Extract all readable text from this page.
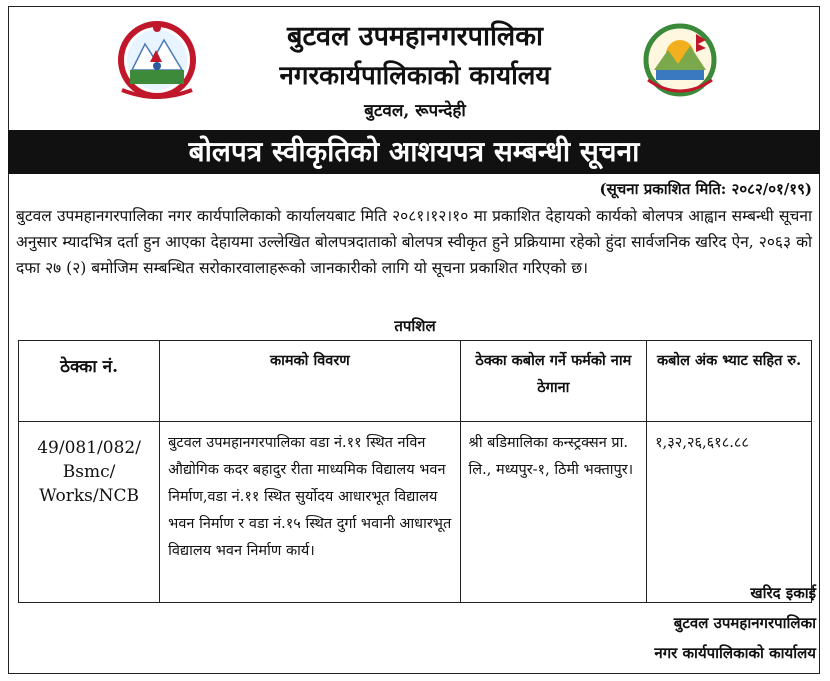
बुटवल उपमहानगरपालिका
नगरकार्यपालिकाको कार्यालय
बुटवल, रूपन्देही
बोलपत्र स्वीकृतिको आशयपत्र सम्बन्धी सूचना
(सूचना प्रकाशित मिति: २०८२/०१/१९)
बुटवल उपमहानगरपालिका नगर कार्यपालिकाको कार्यालयबाट मिति २०८१।१२।१० मा प्रकाशित देहायको कार्यको बोलपत्र आह्वान सम्बन्धी सूचना अनुसार म्यादभित्र दर्ता हुन आएका देहायमा उल्लेखित बोलपत्रदाताको बोलपत्र स्वीकृत हुने प्रक्रियामा रहेको हुंदा सार्वजनिक खरिद ऐन, २०६३ को दफा २७ (२) बमोजिम सम्बन्धित सरोकारवालाहरूको जानकारीको लागि यो सूचना प्रकाशित गरिएको छ।
तपशिल
ठेक्का नं.	कामको विवरण	ठेक्का कबोल गर्ने फर्मको नाम ठेगाना	कबोल अंक भ्याट सहित रु.
49/081/082/ Bsmc/ Works/NCB	बुटवल उपमहानगरपालिका वडा नं.११ स्थित नविन औद्योगिक कदर बहादुर रीता माध्यमिक विद्यालय भवन निर्माण,वडा नं.११ स्थित सुर्योदय आधारभूत विद्यालय भवन निर्माण र वडा नं.१५ स्थित दुर्गा भवानी आधारभूत विद्यालय भवन निर्माण कार्य।	श्री बडिमालिका कन्स्ट्रक्सन प्रा. लि., मध्यपुर-१, ठिमी भक्तापुर।	१,३२,२६,६१८.८८
खरिद इकाई
बुटवल उपमहानगरपालिका
नगर कार्यपालिकाको कार्यालय
